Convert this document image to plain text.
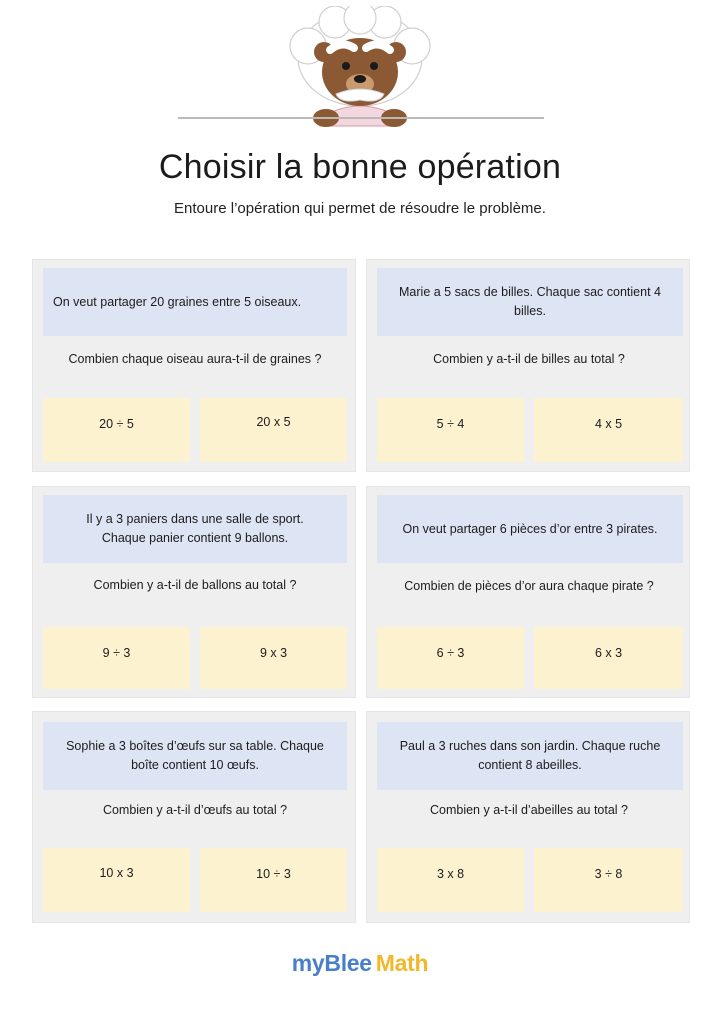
Choisir la bonne opération
Entoure l’opération qui permet de résoudre le problème.
On veut partager 20 graines entre 5 oiseaux.
Combien chaque oiseau aura-t-il de graines ?
20 ÷ 5	20 x 5
Marie a 5 sacs de billes. Chaque sac contient 4 billes.
Combien y a-t-il de billes au total ?
5 ÷ 4	4 x 5
Il y a 3 paniers dans une salle de sport. Chaque panier contient 9 ballons.
Combien y a-t-il de ballons au total ?
9 ÷ 3	9 x 3
On veut partager 6 pièces d’or entre 3 pirates.
Combien de pièces d’or aura chaque pirate ?
6 ÷ 3	6 x 3
Sophie a 3 boîtes d’œufs sur sa table. Chaque boîte contient 10 œufs.
Combien y a-t-il d’œufs au total ?
10 x 3	10 ÷ 3
Paul a 3 ruches dans son jardin. Chaque ruche contient 8 abeilles.
Combien y a-t-il d’abeilles au total ?
3 x 8	3 ÷ 8
myBlee Math
